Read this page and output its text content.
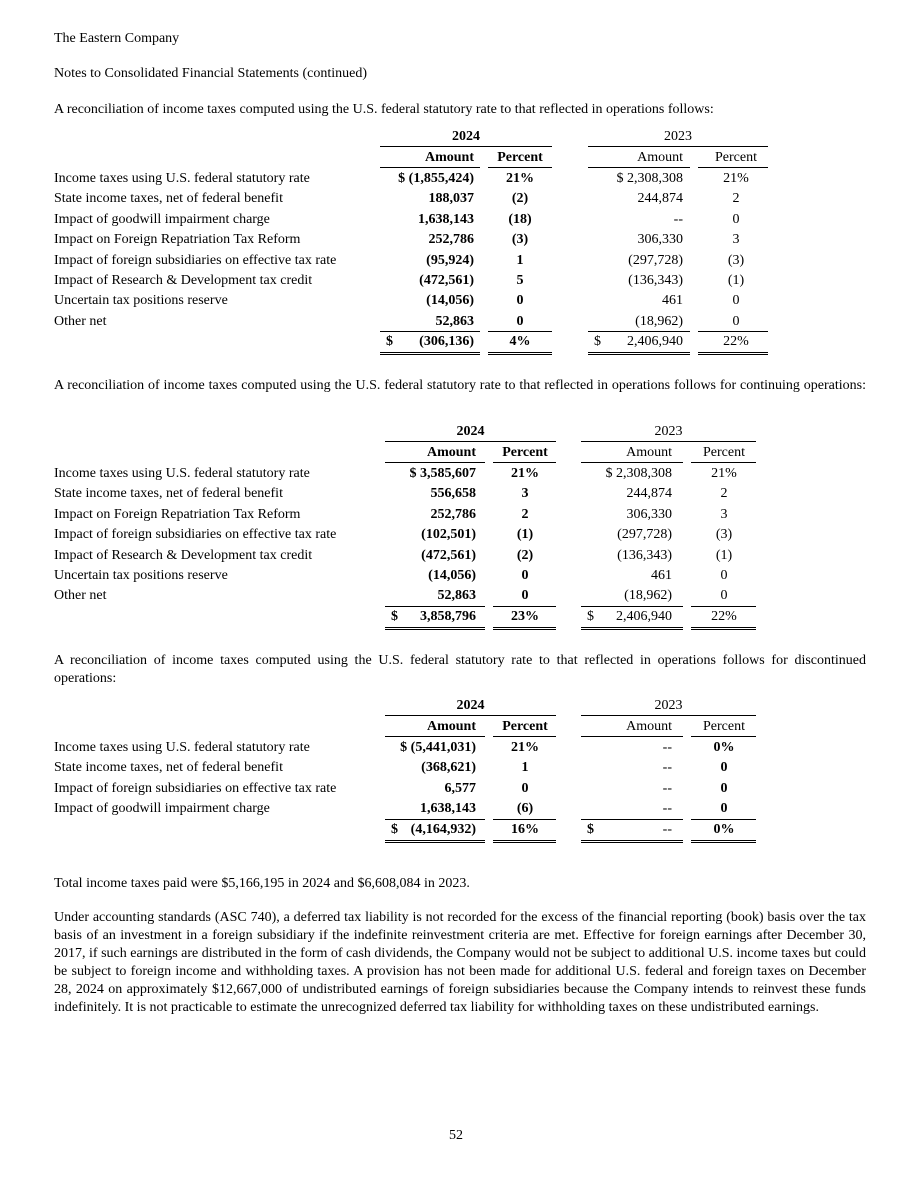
The Eastern Company
Notes to Consolidated Financial Statements (continued)
A reconciliation of income taxes computed using the U.S. federal statutory rate to that reflected in operations follows:
2024	2023
Amount	Percent	Amount	Percent
Income taxes using U.S. federal statutory rate	$ (1,855,424)	21%	$ 2,308,308	21%
State income taxes, net of federal benefit	188,037	(2)	244,874	2
Impact of goodwill impairment charge	1,638,143	(18)	--	0
Impact on Foreign Repatriation Tax Reform	252,786	(3)	306,330	3
Impact of foreign subsidiaries on effective tax rate	(95,924)	1	(297,728)	(3)
Impact of Research & Development tax credit	(472,561)	5	(136,343)	(1)
Uncertain tax positions reserve	(14,056)	0	461	0
Other net	52,863	0	(18,962)	0
$	(306,136)	4%	$	2,406,940	22%
A reconciliation of income taxes computed using the U.S. federal statutory rate to that reflected in operations follows for continuing operations:
2024	2023
Amount	Percent	Amount	Percent
Income taxes using U.S. federal statutory rate	$ 3,585,607	21%	$ 2,308,308	21%
State income taxes, net of federal benefit	556,658	3	244,874	2
Impact on Foreign Repatriation Tax Reform	252,786	2	306,330	3
Impact of foreign subsidiaries on effective tax rate	(102,501)	(1)	(297,728)	(3)
Impact of Research & Development tax credit	(472,561)	(2)	(136,343)	(1)
Uncertain tax positions reserve	(14,056)	0	461	0
Other net	52,863	0	(18,962)	0
$	3,858,796	23%	$	2,406,940	22%
A reconciliation of income taxes computed using the U.S. federal statutory rate to that reflected in operations follows for discontinued operations:
2024	2023
Amount	Percent	Amount	Percent
Income taxes using U.S. federal statutory rate	$ (5,441,031)	21%	--	0%
State income taxes, net of federal benefit	(368,621)	1	--	0
Impact of foreign subsidiaries on effective tax rate	6,577	0	--	0
Impact of goodwill impairment charge	1,638,143	(6)	--	0
$ (4,164,932)	16%	$	--	0%
Total income taxes paid were $5,166,195 in 2024 and $6,608,084 in 2023.
Under accounting standards (ASC 740), a deferred tax liability is not recorded for the excess of the financial reporting (book) basis over the tax basis of an investment in a foreign subsidiary if the indefinite reinvestment criteria are met. Effective for foreign earnings after December 30, 2017, if such earnings are distributed in the form of cash dividends, the Company would not be subject to additional U.S. income taxes but could be subject to foreign income and withholding taxes. A provision has not been made for additional U.S. federal and foreign taxes on December 28, 2024 on approximately $12,667,000 of undistributed earnings of foreign subsidiaries because the Company intends to reinvest these funds indefinitely. It is not practicable to estimate the unrecognized deferred tax liability for withholding taxes on these undistributed earnings.
52
